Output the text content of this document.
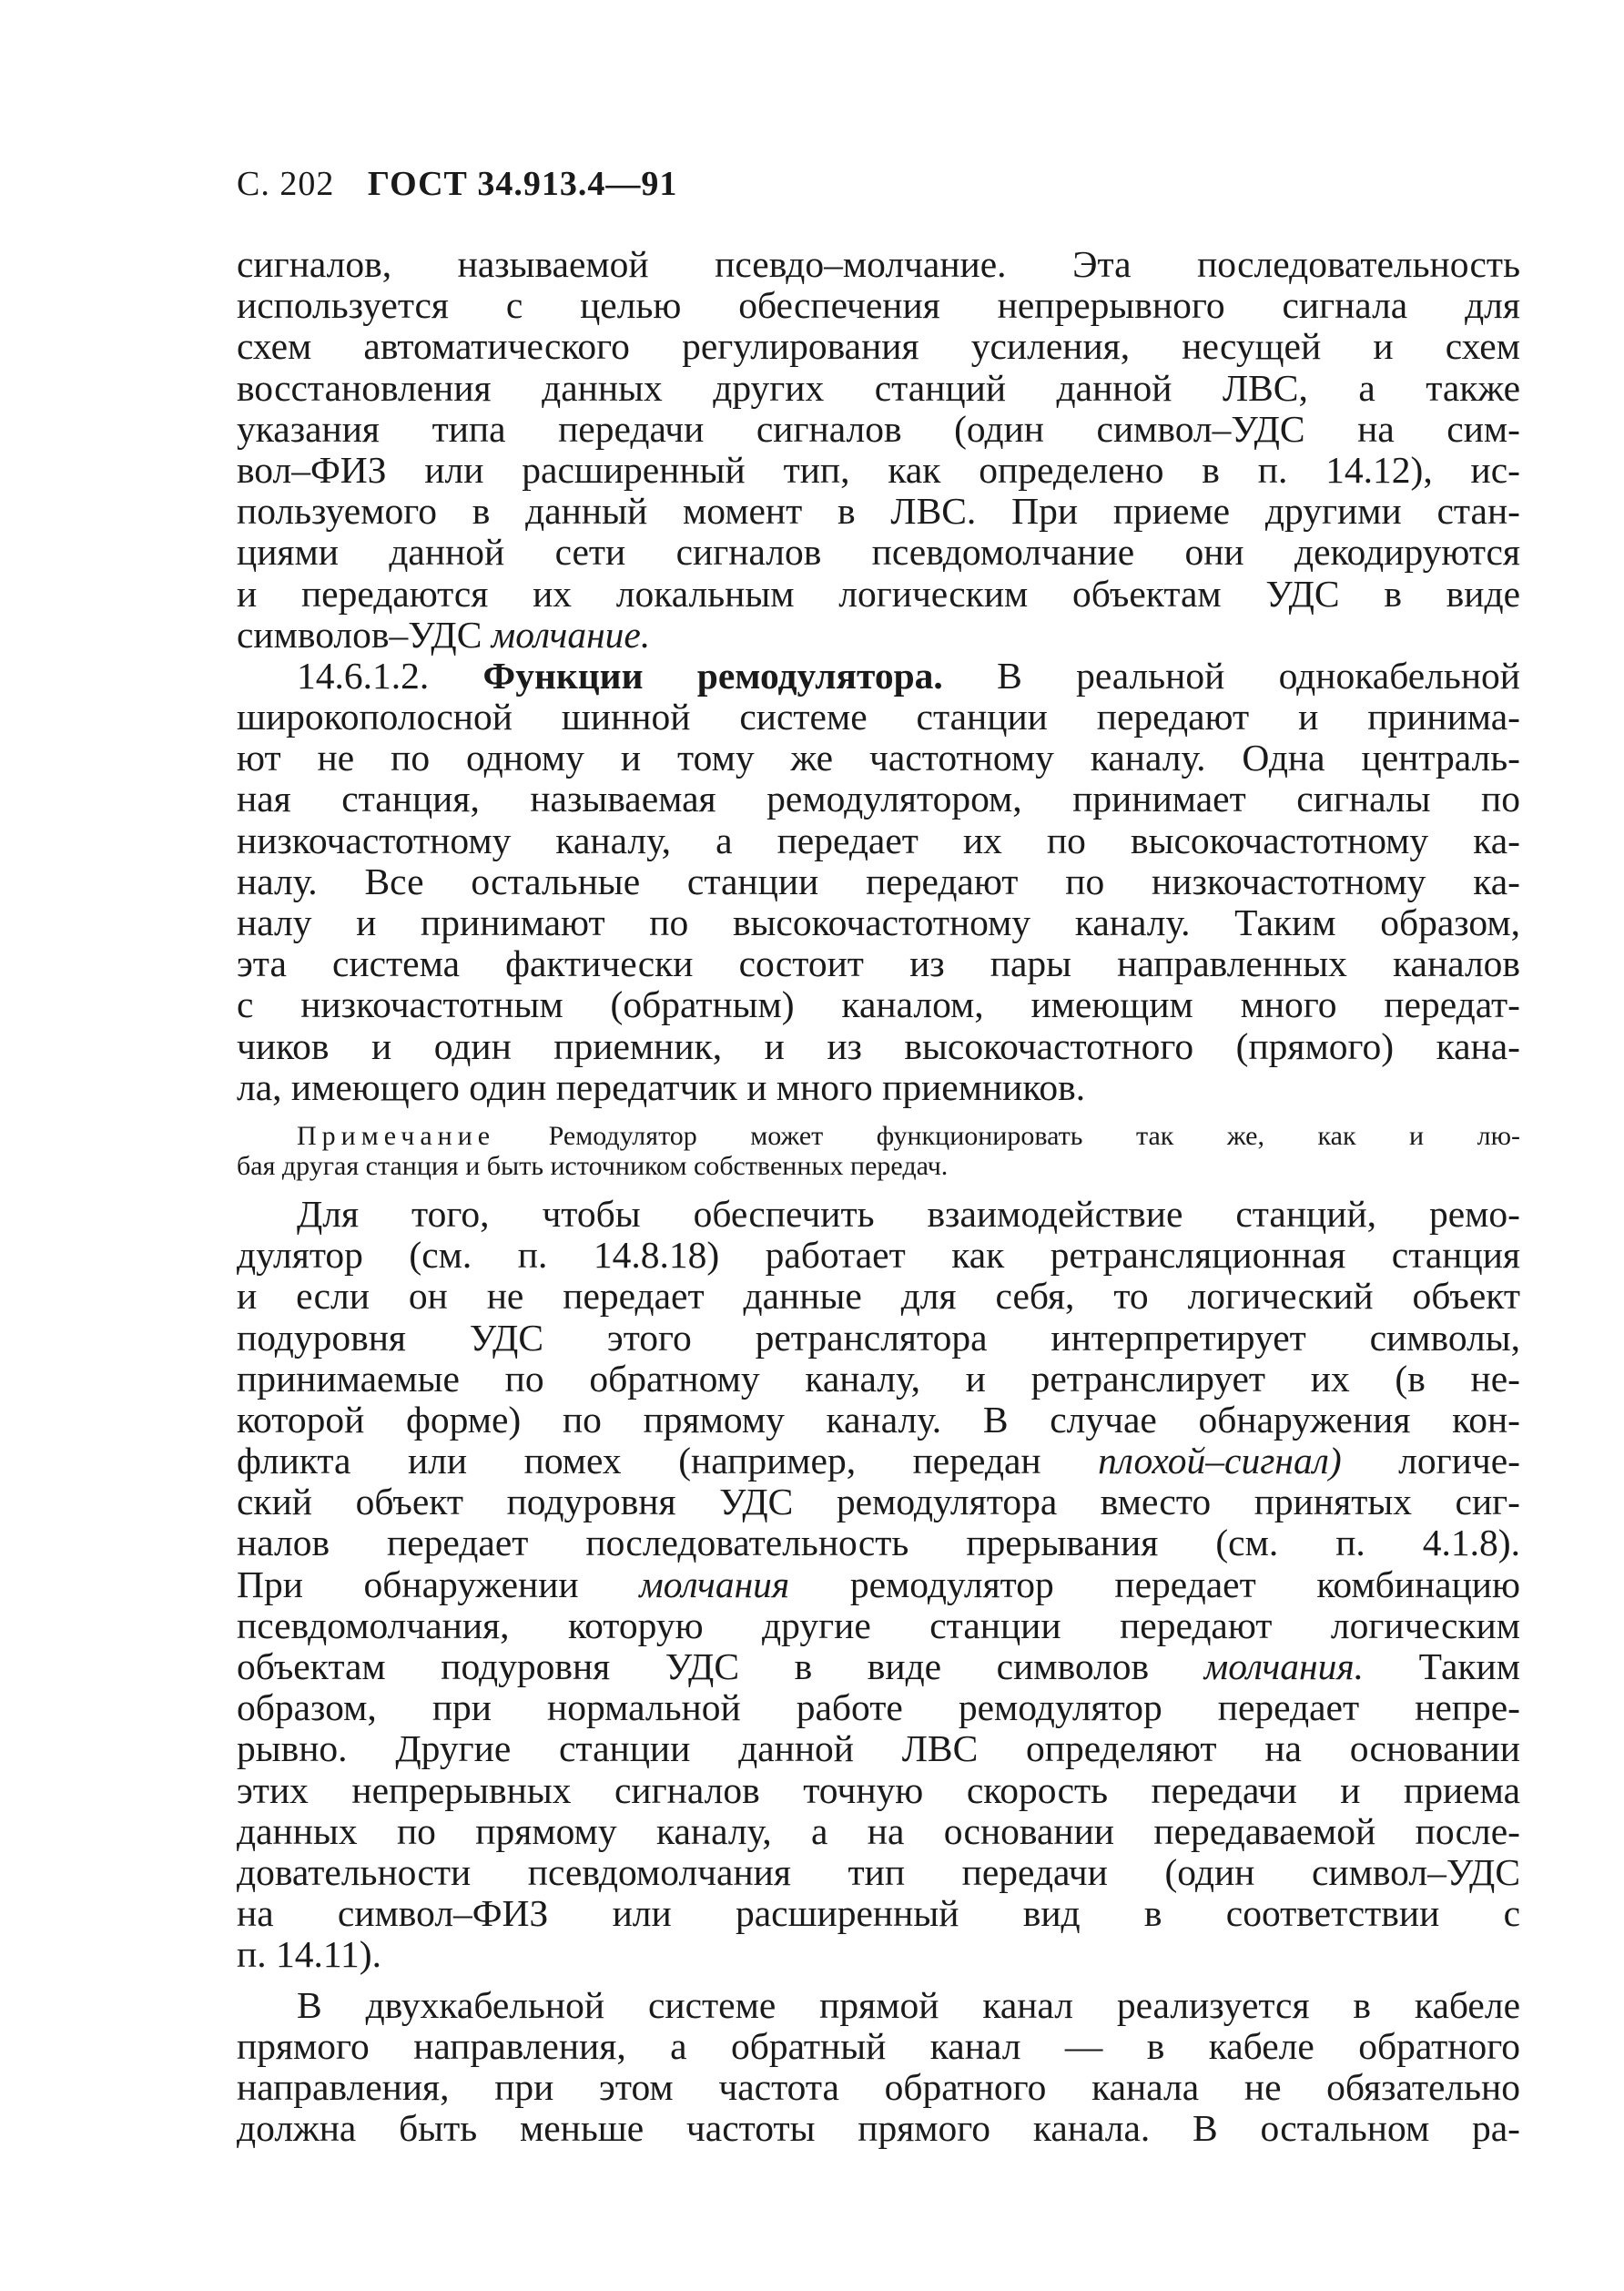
С. 202 ГОСТ 34.913.4—91
сигналов, называемой псевдо–молчание. Эта последовательность
используется с целью обеспечения непрерывного сигнала для
схем автоматического регулирования усиления, несущей и схем
восстановления данных других станций данной ЛВС, а также
указания типа передачи сигналов (один символ–УДС на сим-
вол–ФИЗ или расширенный тип, как определено в п. 14.12), ис-
пользуемого в данный момент в ЛВС. При приеме другими стан-
циями данной сети сигналов псевдомолчание они декодируются
и передаются их локальным логическим объектам УДС в виде
символов–УДС молчание.
14.6.1.2. Функции ремодулятора. В реальной однокабельной
широкополосной шинной системе станции передают и принима-
ют не по одному и тому же частотному каналу. Одна централь-
ная станция, называемая ремодулятором, принимает сигналы по
низкочастотному каналу, а передает их по высокочастотному ка-
налу. Все остальные станции передают по низкочастотному ка-
налу и принимают по высокочастотному каналу. Таким образом,
эта система фактически состоит из пары направленных каналов
с низкочастотным (обратным) каналом, имеющим много передат-
чиков и один приемник, и из высокочастотного (прямого) кана-
ла, имеющего один передатчик и много приемников.
Примечание Ремодулятор может функционировать так же, как и лю-
бая другая станция и быть источником собственных передач.
Для того, чтобы обеспечить взаимодействие станций, ремо-
дулятор (см. п. 14.8.18) работает как ретрансляционная станция
и если он не передает данные для себя, то логический объект
подуровня УДС этого ретранслятора интерпретирует символы,
принимаемые по обратному каналу, и ретранслирует их (в не-
которой форме) по прямому каналу. В случае обнаружения кон-
фликта или помех (например, передан плохой–сигнал) логиче-
ский объект подуровня УДС ремодулятора вместо принятых сиг-
налов передает последовательность прерывания (см. п. 4.1.8).
При обнаружении молчания ремодулятор передает комбинацию
псевдомолчания, которую другие станции передают логическим
объектам подуровня УДС в виде символов молчания. Таким
образом, при нормальной работе ремодулятор передает непре-
рывно. Другие станции данной ЛВС определяют на основании
этих непрерывных сигналов точную скорость передачи и приема
данных по прямому каналу, а на основании передаваемой после-
довательности псевдомолчания тип передачи (один символ–УДС
на символ–ФИЗ или расширенный вид в соответствии с
п. 14.11).
В двухкабельной системе прямой канал реализуется в кабеле
прямого направления, а обратный канал — в кабеле обратного
направления, при этом частота обратного канала не обязательно
должна быть меньше частоты прямого канала. В остальном ра-
